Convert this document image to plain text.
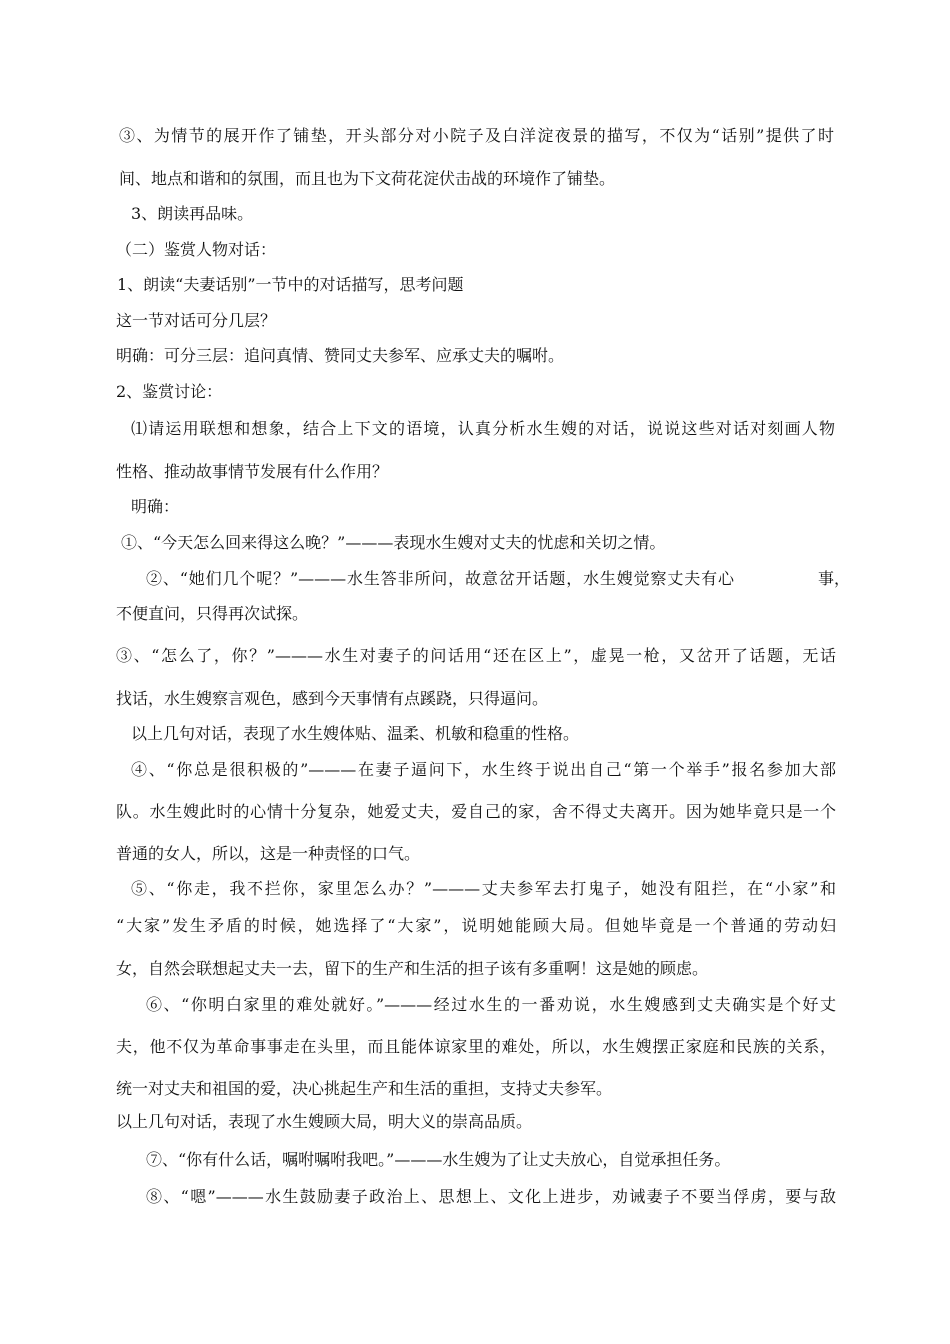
③、为情节的展开作了铺垫，开头部分对小院子及白洋淀夜景的描写，不仅为“话别”提供了时
间、地点和谐和的氛围，而且也为下文荷花淀伏击战的环境作了铺垫。
3、朗读再品味。
（二）鉴赏人物对话：
1、朗读“夫妻话别”一节中的对话描写，思考问题
这一节对话可分几层？
明确：可分三层：追问真情、赞同丈夫参军、应承丈夫的嘱咐。
2、鉴赏讨论：
⑴请运用联想和想象，结合上下文的语境，认真分析水生嫂的对话，说说这些对话对刻画人物
性格、推动故事情节发展有什么作用？
明确：
①、“今天怎么回来得这么晚？”———表现水生嫂对丈夫的忧虑和关切之情。
②、“她们几个呢？”———水生答非所问，故意岔开话题，水生嫂觉察丈夫有心	事，
不便直问，只得再次试探。
③、“怎么了，你？”———水生对妻子的问话用“还在区上”，虚晃一枪，又岔开了话题，无话
找话，水生嫂察言观色，感到今天事情有点蹊跷，只得逼问。
以上几句对话，表现了水生嫂体贴、温柔、机敏和稳重的性格。
④、“你总是很积极的”———在妻子逼问下，水生终于说出自己“第一个举手”报名参加大部
队。水生嫂此时的心情十分复杂，她爱丈夫，爱自己的家，舍不得丈夫离开。因为她毕竟只是一个
普通的女人，所以，这是一种责怪的口气。
⑤、“你走，我不拦你，家里怎么办？”———丈夫参军去打鬼子，她没有阻拦，在“小家”和
“大家”发生矛盾的时候，她选择了“大家”，说明她能顾大局。但她毕竟是一个普通的劳动妇
女，自然会联想起丈夫一去，留下的生产和生活的担子该有多重啊！这是她的顾虑。
⑥、“你明白家里的难处就好。”———经过水生的一番劝说，水生嫂感到丈夫确实是个好丈
夫，他不仅为革命事事走在头里，而且能体谅家里的难处，所以，水生嫂摆正家庭和民族的关系，
统一对丈夫和祖国的爱，决心挑起生产和生活的重担，支持丈夫参军。
以上几句对话，表现了水生嫂顾大局，明大义的崇高品质。
⑦、“你有什么话，嘱咐嘱咐我吧。”———水生嫂为了让丈夫放心，自觉承担任务。
⑧、“嗯”———水生鼓励妻子政治上、思想上、文化上进步，劝诫妻子不要当俘虏，要与敌
